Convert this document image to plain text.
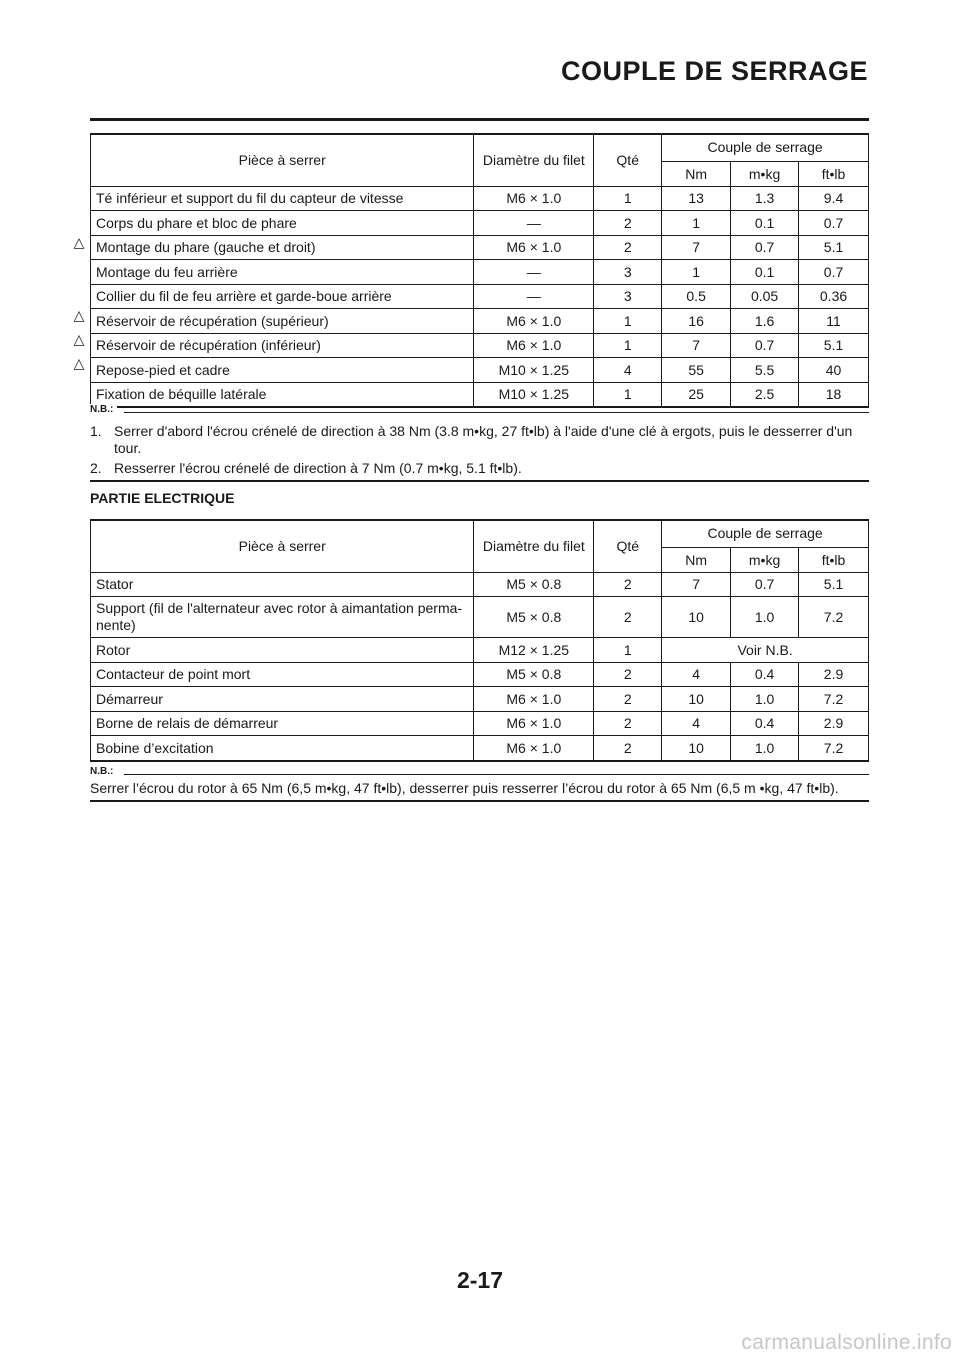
COUPLE DE SERRAGE
△
△
△
△
Pièce à serrer	Diamètre du filet	Qté	Couple de serrage		
			Nm	m•kg	ft•lb
Té inférieur et support du fil du capteur de vitesse	M6 × 1.0	1	13	1.3	9.4
Corps du phare et bloc de phare	—	2	1	0.1	0.7
Montage du phare (gauche et droit)	M6 × 1.0	2	7	0.7	5.1
Montage du feu arrière	—	3	1	0.1	0.7
Collier du fil de feu arrière et garde-boue arrière	—	3	0.5	0.05	0.36
Réservoir de récupération (supérieur)	M6 × 1.0	1	16	1.6	11
Réservoir de récupération (inférieur)	M6 × 1.0	1	7	0.7	5.1
Repose-pied et cadre	M10 × 1.25	4	55	5.5	40
Fixation de béquille latérale	M10 × 1.25	1	25	2.5	18
N.B.:
1. Serrer d'abord l'écrou crénelé de direction à 38 Nm (3.8 m•kg, 27 ft•lb) à l'aide d'une clé à ergots, puis le desserrer d'un tour.
2. Resserrer l'écrou crénelé de direction à 7 Nm (0.7 m•kg, 5.1 ft•lb).
PARTIE ELECTRIQUE
Pièce à serrer	Diamètre du filet	Qté	Couple de serrage		
			Nm	m•kg	ft•lb
Stator	M5 × 0.8	2	7	0.7	5.1
Support (fil de l'alternateur avec rotor à aimantation perma-nente)	M5 × 0.8	2	10	1.0	7.2
Rotor	M12 × 1.25	1	Voir N.B.		
Contacteur de point mort	M5 × 0.8	2	4	0.4	2.9
Démarreur	M6 × 1.0	2	10	1.0	7.2
Borne de relais de démarreur	M6 × 1.0	2	4	0.4	2.9
Bobine d’excitation	M6 × 1.0	2	10	1.0	7.2
N.B.:
Serrer l’écrou du rotor à 65 Nm (6,5 m•kg, 47 ft•lb), desserrer puis resserrer l’écrou du rotor à 65 Nm (6,5 m •kg, 47 ft•lb).
2-17
carmanualsonline.info
